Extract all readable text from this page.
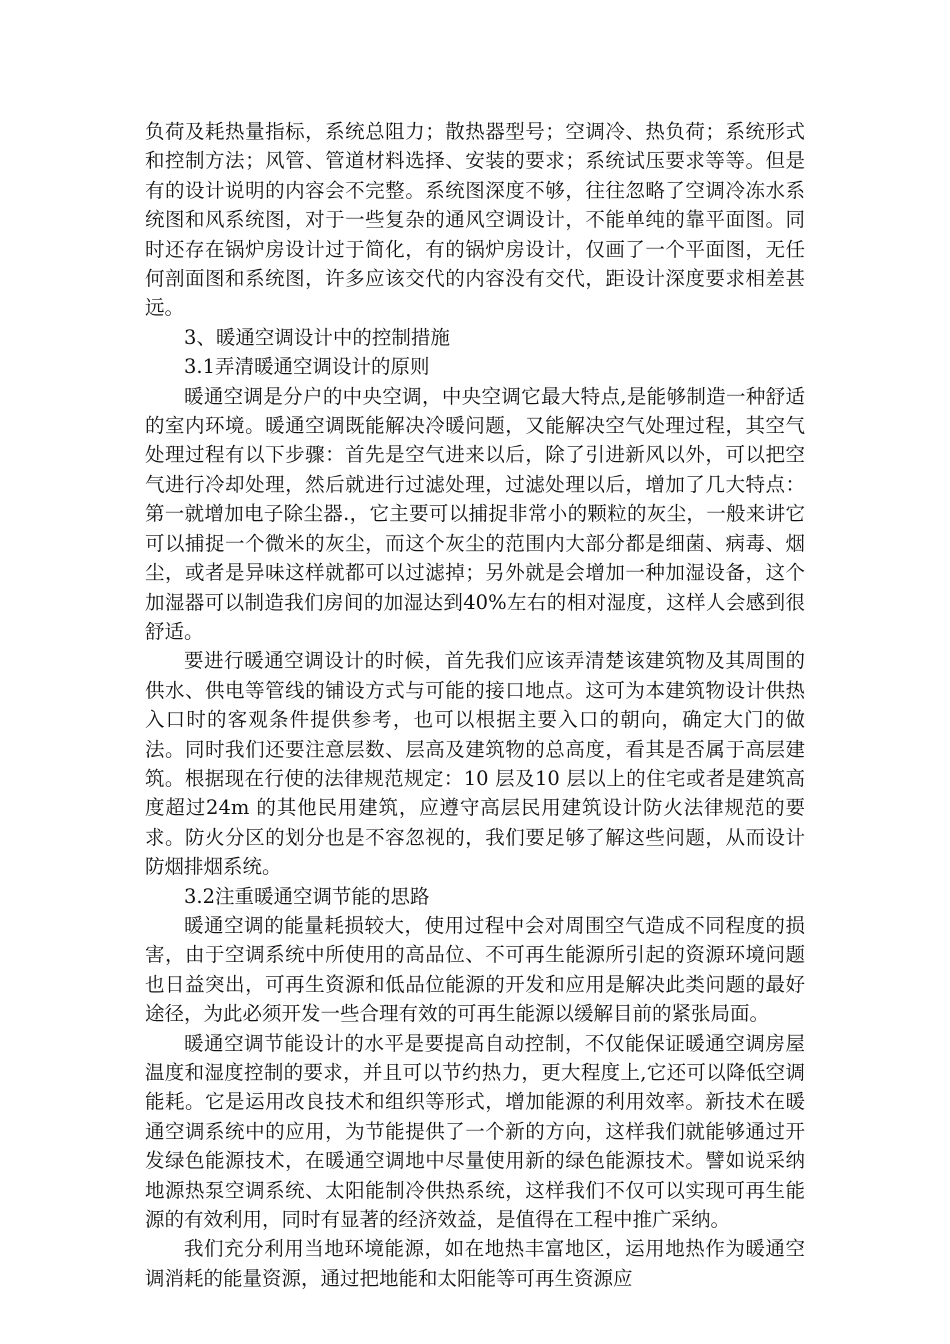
负荷及耗热量指标，系统总阻力；散热器型号；空调冷、热负荷；系统形式和控制方法；风管、管道材料选择、安装的要求；系统试压要求等等。但是有的设计说明的内容会不完整。系统图深度不够，往往忽略了空调冷冻水系统图和风系统图，对于一些复杂的通风空调设计，不能单纯的靠平面图。同时还存在锅炉房设计过于简化，有的锅炉房设计，仅画了一个平面图，无任何剖面图和系统图，许多应该交代的内容没有交代，距设计深度要求相差甚远。

3、暖通空调设计中的控制措施

3.1弄清暖通空调设计的原则

暖通空调是分户的中央空调，中央空调它最大特点,是能够制造一种舒适的室内环境。暖通空调既能解决冷暖问题，又能解决空气处理过程，其空气处理过程有以下步骤：首先是空气进来以后，除了引进新风以外，可以把空气进行冷却处理，然后就进行过滤处理，过滤处理以后，增加了几大特点：第一就增加电子除尘器.，它主要可以捕捉非常小的颗粒的灰尘，一般来讲它可以捕捉一个微米的灰尘，而这个灰尘的范围内大部分都是细菌、病毒、烟尘，或者是异味这样就都可以过滤掉；另外就是会增加一种加湿设备，这个加湿器可以制造我们房间的加湿达到40%左右的相对湿度，这样人会感到很舒适。

要进行暖通空调设计的时候，首先我们应该弄清楚该建筑物及其周围的供水、供电等管线的铺设方式与可能的接口地点。这可为本建筑物设计供热入口时的客观条件提供参考，也可以根据主要入口的朝向，确定大门的做法。同时我们还要注意层数、层高及建筑物的总高度，看其是否属于高层建筑。根据现在行使的法律规范规定：10 层及10 层以上的住宅或者是建筑高度超过24m 的其他民用建筑，应遵守高层民用建筑设计防火法律规范的要求。防火分区的划分也是不容忽视的，我们要足够了解这些问题，从而设计防烟排烟系统。

3.2注重暖通空调节能的思路

暖通空调的能量耗损较大，使用过程中会对周围空气造成不同程度的损害，由于空调系统中所使用的高品位、不可再生能源所引起的资源环境问题也日益突出，可再生资源和低品位能源的开发和应用是解决此类问题的最好途径，为此必须开发一些合理有效的可再生能源以缓解目前的紧张局面。

暖通空调节能设计的水平是要提高自动控制，不仅能保证暖通空调房屋温度和湿度控制的要求，并且可以节约热力，更大程度上,它还可以降低空调能耗。它是运用改良技术和组织等形式，增加能源的利用效率。新技术在暖通空调系统中的应用，为节能提供了一个新的方向，这样我们就能够通过开发绿色能源技术，在暖通空调地中尽量使用新的绿色能源技术。譬如说采纳地源热泵空调系统、太阳能制冷供热系统，这样我们不仅可以实现可再生能源的有效利用，同时有显著的经济效益，是值得在工程中推广采纳。

我们充分利用当地环境能源，如在地热丰富地区，运用地热作为暖通空调消耗的能量资源，通过把地能和太阳能等可再生资源应
